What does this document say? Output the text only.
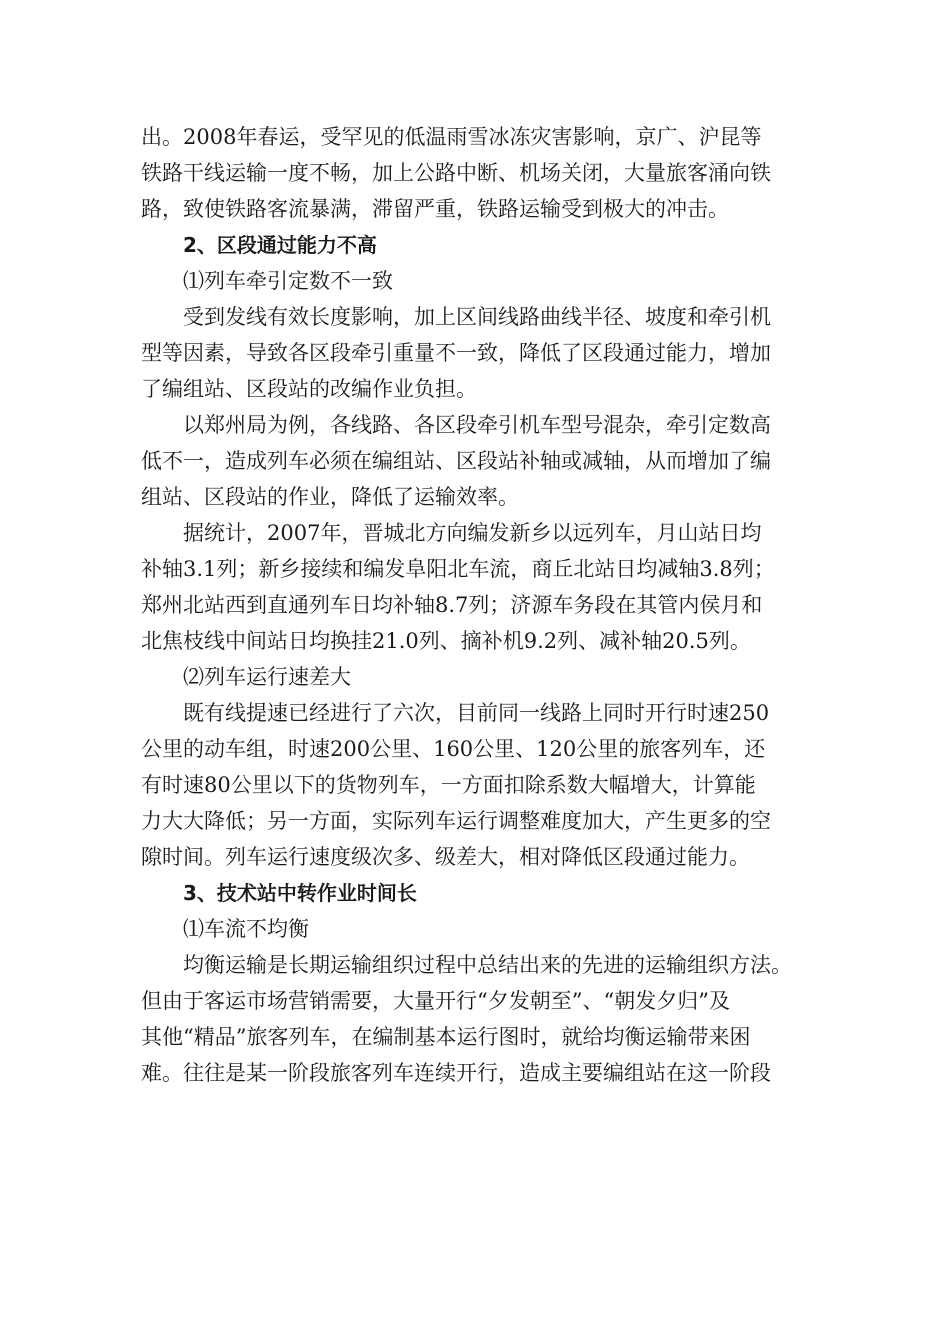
出。2008年春运，受罕见的低温雨雪冰冻灾害影响，京广、沪昆等
铁路干线运输一度不畅，加上公路中断、机场关闭，大量旅客涌向铁
路，致使铁路客流暴满，滞留严重，铁路运输受到极大的冲击。
2、区段通过能力不高
⑴列车牵引定数不一致
受到发线有效长度影响，加上区间线路曲线半径、坡度和牵引机
型等因素，导致各区段牵引重量不一致，降低了区段通过能力，增加
了编组站、区段站的改编作业负担。
以郑州局为例，各线路、各区段牵引机车型号混杂，牵引定数高
低不一，造成列车必须在编组站、区段站补轴或减轴，从而增加了编
组站、区段站的作业，降低了运输效率。
据统计，2007年，晋城北方向编发新乡以远列车，月山站日均
补轴3.1列；新乡接续和编发阜阳北车流，商丘北站日均减轴3.8列；
郑州北站西到直通列车日均补轴8.7列；济源车务段在其管内侯月和
北焦枝线中间站日均换挂21.0列、摘补机9.2列、减补轴20.5列。
⑵列车运行速差大
既有线提速已经进行了六次，目前同一线路上同时开行时速250
公里的动车组，时速200公里、160公里、120公里的旅客列车，还
有时速80公里以下的货物列车，一方面扣除系数大幅增大，计算能
力大大降低；另一方面，实际列车运行调整难度加大，产生更多的空
隙时间。列车运行速度级次多、级差大，相对降低区段通过能力。
3、技术站中转作业时间长
⑴车流不均衡
均衡运输是长期运输组织过程中总结出来的先进的运输组织方法。
但由于客运市场营销需要，大量开行“夕发朝至”、“朝发夕归”及
其他“精品”旅客列车，在编制基本运行图时，就给均衡运输带来困
难。往往是某一阶段旅客列车连续开行，造成主要编组站在这一阶段
